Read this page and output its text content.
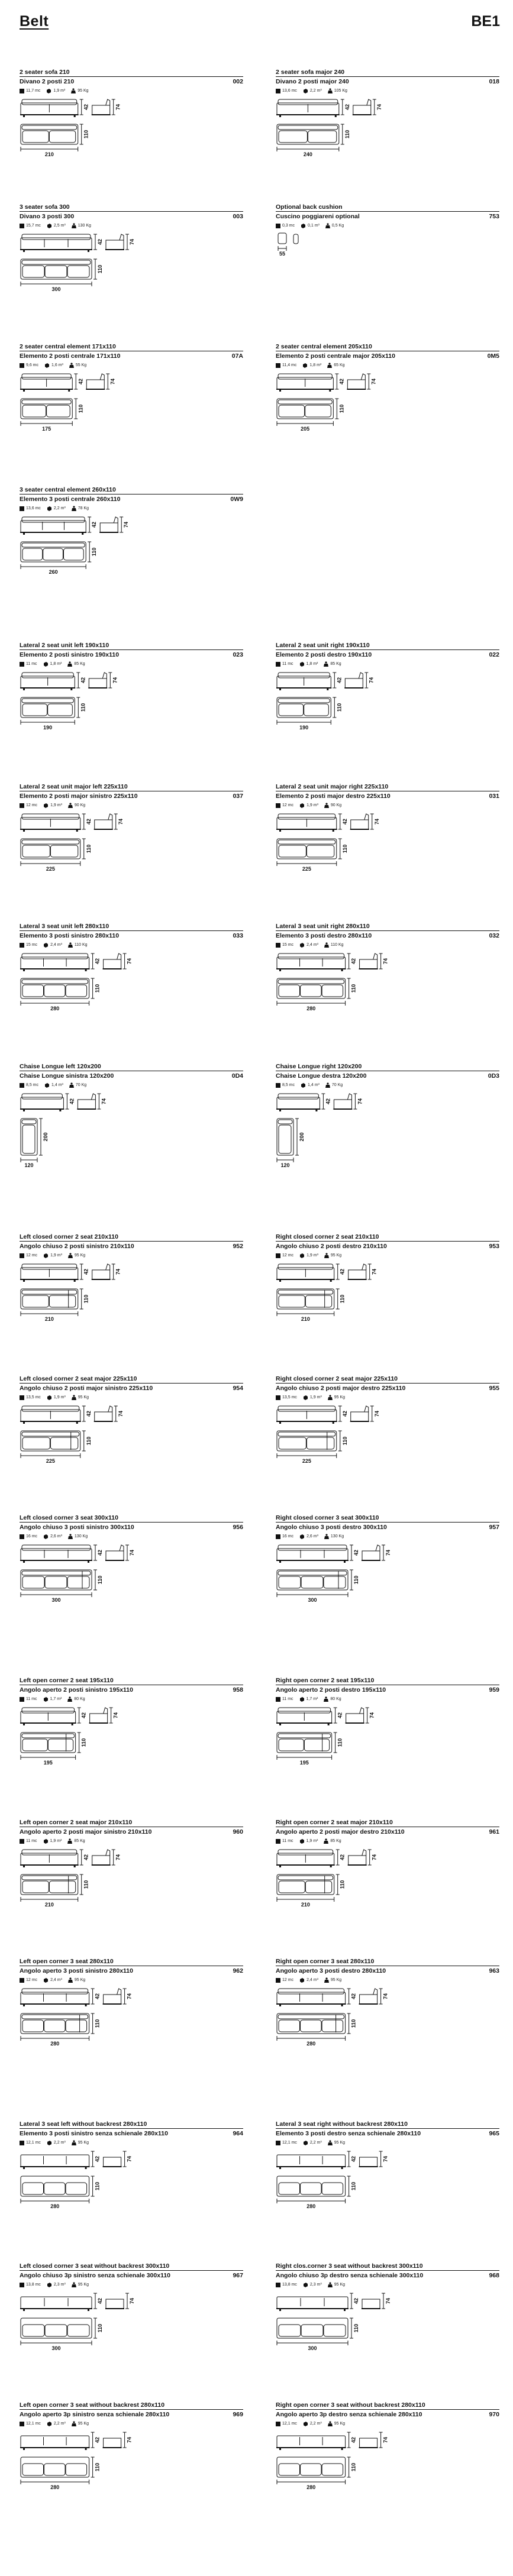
Belt	BE1
2 seater sofa 210
Divano 2 posti 210	002
11,7 mc	1,9 m³	95 Kg
42	74
110
210
2 seater sofa major 240
Divano 2 posti major 240	018
13,6 mc	2,2 m³	105 Kg
42	74
110
240
3 seater sofa 300
Divano 3 posti 300	003
15,7 mc	2,5 m³	130 Kg
42	74
110
300
Optional back cushion
Cuscino poggiareni optional	753
0,3 mc	0,1 m³	0,5 Kg
55
2 seater central element 171x110
Elemento 2 posti centrale 171x110	07A
9,6 mc	1,6 m³	55 Kg
42	74
110
175
2 seater central element 205x110
Elemento 2 posti centrale major 205x110	0M5
11,4 mc	1,8 m³	65 Kg
42	74
110
205
3 seater central element 260x110
Elemento 3 posti centrale 260x110	0W9
13,6 mc	2,2 m³	78 Kg
42	74
110
260
Lateral 2 seat unit left 190x110
Elemento 2 posti sinistro 190x110	023
11 mc	1,8 m³	85 Kg
42	74
110
190
Lateral 2 seat unit right 190x110
Elemento 2 posti destro 190x110	022
11 mc	1,8 m³	85 Kg
42	74
110
190
Lateral 2 seat unit major left 225x110
Elemento 2 posti major sinistro 225x110	037
12 mc	1,9 m³	90 Kg
42	74
110
225
Lateral 2 seat unit major right 225x110
Elemento 2 posti major destro 225x110	031
12 mc	1,9 m³	90 Kg
42	74
110
225
Lateral 3 seat unit left 280x110
Elemento 3 posti sinistro 280x110	033
15 mc	2,4 m³	110 Kg
42	74
110
280
Lateral 3 seat unit right 280x110
Elemento 3 posti destro 280x110	032
15 mc	2,4 m³	110 Kg
42	74
110
280
Chaise Longue left 120x200
Chaise Longue sinistra 120x200	0D4
8,5 mc	1,4 m³	70 Kg
42	74
200
120
Chaise Longue right 120x200
Chaise Longue destra 120x200	0D3
8,5 mc	1,4 m³	70 Kg
42	74
200
120
Left closed corner 2 seat 210x110
Angolo chiuso 2 posti sinistro 210x110	952
12 mc	1,9 m³	95 Kg
42	74
110
210
Right closed corner 2 seat 210x110
Angolo chiuso 2 posti destro 210x110	953
12 mc	1,9 m³	95 Kg
42	74
110
210
Left closed corner 2 seat major 225x110
Angolo chiuso 2 posti major sinistro 225x110	954
13,5 mc	1,9 m³	95 Kg
42	74
110
225
Right closed corner 2 seat major 225x110
Angolo chiuso 2 posti major destro 225x110	955
13,5 mc	1,9 m³	95 Kg
42	74
110
225
Left closed corner 3 seat 300x110
Angolo chiuso 3 posti sinistro 300x110	956
16 mc	2,6 m³	130 Kg
42	74
110
300
Right closed corner 3 seat 300x110
Angolo chiuso 3 posti destro 300x110	957
16 mc	2,6 m³	130 Kg
42	74
110
300
Left open corner 2 seat 195x110
Angolo aperto 2 posti sinistro 195x110	958
11 mc	1,7 m³	80 Kg
42	74
110
195
Right open corner 2 seat 195x110
Angolo aperto 2 posti destro 195x110	959
11 mc	1,7 m³	80 Kg
42	74
110
195
Left open corner 2 seat major 210x110
Angolo aperto 2 posti major sinistro 210x110	960
11 mc	1,9 m³	85 Kg
42	74
110
210
Right open corner 2 seat major 210x110
Angolo aperto 2 posti major destro 210x110	961
11 mc	1,9 m³	85 Kg
42	74
110
210
Left open corner 3 seat 280x110
Angolo aperto 3 posti sinistro 280x110	962
12 mc	2,4 m³	95 Kg
42	74
110
280
Right open corner 3 seat 280x110
Angolo aperto 3 posti destro 280x110	963
12 mc	2,4 m³	95 Kg
42	74
110
280
Lateral 3 seat left without backrest 280x110
Elemento 3 posti sinistro senza schienale 280x110	964
12,1 mc	2,2 m³	95 Kg
42	74
110
280
Lateral 3 seat right without backrest 280x110
Elemento 3 posti destro senza schienale 280x110	965
12,1 mc	2,2 m³	95 Kg
42	74
110
280
Left closed corner 3 seat without backrest 300x110
Angolo chiuso 3p sinistro senza schienale 300x110	967
13,8 mc	2,3 m³	95 Kg
42	74
110
300
Right clos.corner 3 seat without backrest 300x110
Angolo chiuso 3p destro senza schienale 300x110	968
13,8 mc	2,3 m³	95 Kg
42	74
110
300
Left open corner 3 seat without backrest 280x110
Angolo aperto 3p sinistro senza schienale 280x110	969
12,1 mc	2,2 m³	95 Kg
42	74
110
280
Right open corner 3 seat without backrest 280x110
Angolo aperto 3p destro senza schienale 280x110	970
12,1 mc	2,2 m³	95 Kg
42	74
110
280
